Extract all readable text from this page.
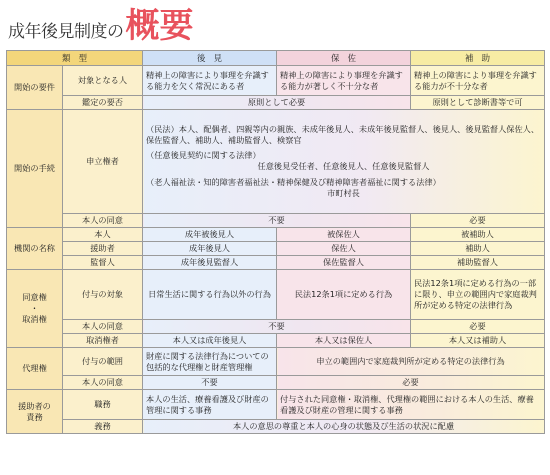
成年後見制度の 概要
類　型		後　見	保　佐	補　助
開始の要件	対象となる人	精神上の障害により事理を弁識する能力を欠く常況にある者	精神上の障害により事理を弁識する能力が著しく不十分な者	精神上の障害により事理を弁識する能力が不十分な者
	鑑定の要否	原則として必要		原則として診断書等で可
開始の手続	申立権者	（民法）本人、配偶者、四親等内の親族、未成年後見人、未成年後見監督人、後見人、後見監督人保佐人、保佐監督人、補助人、補助監督人、検察官
（任意後見契約に関する法律）
任意後見受任者、任意後見人、任意後見監督人
（老人福祉法・知的障害者福祉法・精神保健及び精神障害者福祉に関する法律）
市町村長		

	本人の同意	不要		必要
機関の名称	本人	成年被後見人	被保佐人	被補助人
	援助者	成年後見人	保佐人	補助人
	監督人	成年後見監督人	保佐監督人	補助監督人

同意権
・
取消権	付与の対象	日常生活に関する行為以外の行為	民法12条1項に定める行為	民法12条1項に定める行為の一部に限り、申立の範囲内で家庭裁判所が定める特定の法律行為
	本人の同意	不要		必要
	取消権者	本人又は成年後見人	本人又は保佐人	本人又は補助人
代理権	付与の範囲	財産に関する法律行為についての包括的な代理権と財産管理権	申立の範囲内で家庭裁判所が定める特定の法律行為	
	本人の同意	不要	必要	

援助者の
責務	職務	本人の生活、療養看護及び財産の管理に関する事務	付与された同意権・取消権、代理権の範囲における本人の生活、療養看護及び財産の管理に関する事務	
	義務	本人の意思の尊重と本人の心身の状態及び生活の状況に配慮		
